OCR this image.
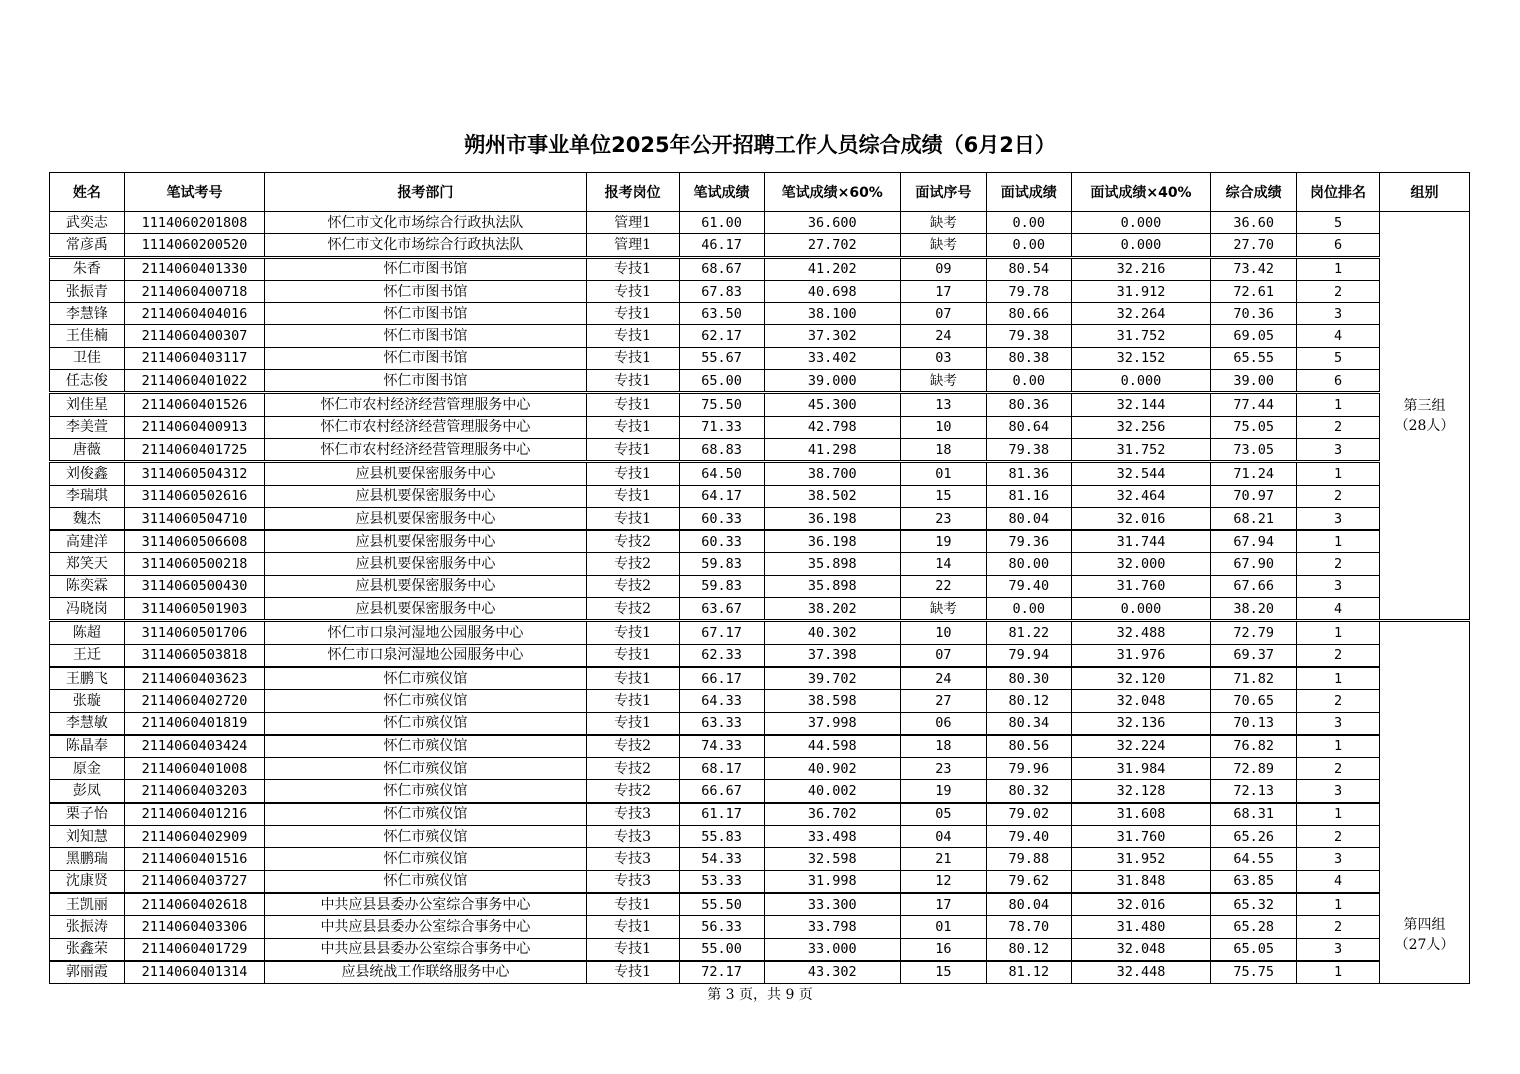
朔州市事业单位2025年公开招聘工作人员综合成绩（6月2日）
姓名	笔试考号	报考部门	报考岗位	笔试成绩	笔试成绩×60%	面试序号	面试成绩	面试成绩×40%	综合成绩	岗位排名	组别
武奕志	1114060201808	怀仁市文化市场综合行政执法队	管理1	61.00	36.600	缺考	0.00	0.000	36.60	5	第三组
（28人）

常彦禹	1114060200520	怀仁市文化市场综合行政执法队	管理1	46.17	27.702	缺考	0.00	0.000	27.70	6	
朱香	2114060401330	怀仁市图书馆	专技1	68.67	41.202	09	80.54	32.216	73.42	1	
张振青	2114060400718	怀仁市图书馆	专技1	67.83	40.698	17	79.78	31.912	72.61	2	
李慧锋	2114060404016	怀仁市图书馆	专技1	63.50	38.100	07	80.66	32.264	70.36	3	
王佳楠	2114060400307	怀仁市图书馆	专技1	62.17	37.302	24	79.38	31.752	69.05	4	
卫佳	2114060403117	怀仁市图书馆	专技1	55.67	33.402	03	80.38	32.152	65.55	5	
任志俊	2114060401022	怀仁市图书馆	专技1	65.00	39.000	缺考	0.00	0.000	39.00	6	
刘佳星	2114060401526	怀仁市农村经济经营管理服务中心	专技1	75.50	45.300	13	80.36	32.144	77.44	1	
李美萱	2114060400913	怀仁市农村经济经营管理服务中心	专技1	71.33	42.798	10	80.64	32.256	75.05	2	
唐薇	2114060401725	怀仁市农村经济经营管理服务中心	专技1	68.83	41.298	18	79.38	31.752	73.05	3	
刘俊鑫	3114060504312	应县机要保密服务中心	专技1	64.50	38.700	01	81.36	32.544	71.24	1	
李瑞琪	3114060502616	应县机要保密服务中心	专技1	64.17	38.502	15	81.16	32.464	70.97	2	
魏杰	3114060504710	应县机要保密服务中心	专技1	60.33	36.198	23	80.04	32.016	68.21	3	
高建洋	3114060506608	应县机要保密服务中心	专技2	60.33	36.198	19	79.36	31.744	67.94	1	
郑笑天	3114060500218	应县机要保密服务中心	专技2	59.83	35.898	14	80.00	32.000	67.90	2	
陈奕霖	3114060500430	应县机要保密服务中心	专技2	59.83	35.898	22	79.40	31.760	67.66	3	
冯晓岗	3114060501903	应县机要保密服务中心	专技2	63.67	38.202	缺考	0.00	0.000	38.20	4	
陈超	3114060501706	怀仁市口泉河湿地公园服务中心	专技1	67.17	40.302	10	81.22	32.488	72.79	1	第四组
（27人）

王迁	3114060503818	怀仁市口泉河湿地公园服务中心	专技1	62.33	37.398	07	79.94	31.976	69.37	2	
王鹏飞	2114060403623	怀仁市殡仪馆	专技1	66.17	39.702	24	80.30	32.120	71.82	1	
张璇	2114060402720	怀仁市殡仪馆	专技1	64.33	38.598	27	80.12	32.048	70.65	2	
李慧敏	2114060401819	怀仁市殡仪馆	专技1	63.33	37.998	06	80.34	32.136	70.13	3	
陈晶奉	2114060403424	怀仁市殡仪馆	专技2	74.33	44.598	18	80.56	32.224	76.82	1	
原金	2114060401008	怀仁市殡仪馆	专技2	68.17	40.902	23	79.96	31.984	72.89	2	
彭凤	2114060403203	怀仁市殡仪馆	专技2	66.67	40.002	19	80.32	32.128	72.13	3	
栗子怡	2114060401216	怀仁市殡仪馆	专技3	61.17	36.702	05	79.02	31.608	68.31	1	
刘知慧	2114060402909	怀仁市殡仪馆	专技3	55.83	33.498	04	79.40	31.760	65.26	2	
黑鹏瑞	2114060401516	怀仁市殡仪馆	专技3	54.33	32.598	21	79.88	31.952	64.55	3	
沈康贤	2114060403727	怀仁市殡仪馆	专技3	53.33	31.998	12	79.62	31.848	63.85	4	
王凯丽	2114060402618	中共应县县委办公室综合事务中心	专技1	55.50	33.300	17	80.04	32.016	65.32	1	
张振涛	2114060403306	中共应县县委办公室综合事务中心	专技1	56.33	33.798	01	78.70	31.480	65.28	2	
张鑫荣	2114060401729	中共应县县委办公室综合事务中心	专技1	55.00	33.000	16	80.12	32.048	65.05	3	
郭丽霞	2114060401314	应县统战工作联络服务中心	专技1	72.17	43.302	15	81.12	32.448	75.75	1	
第 3 页，共 9 页
